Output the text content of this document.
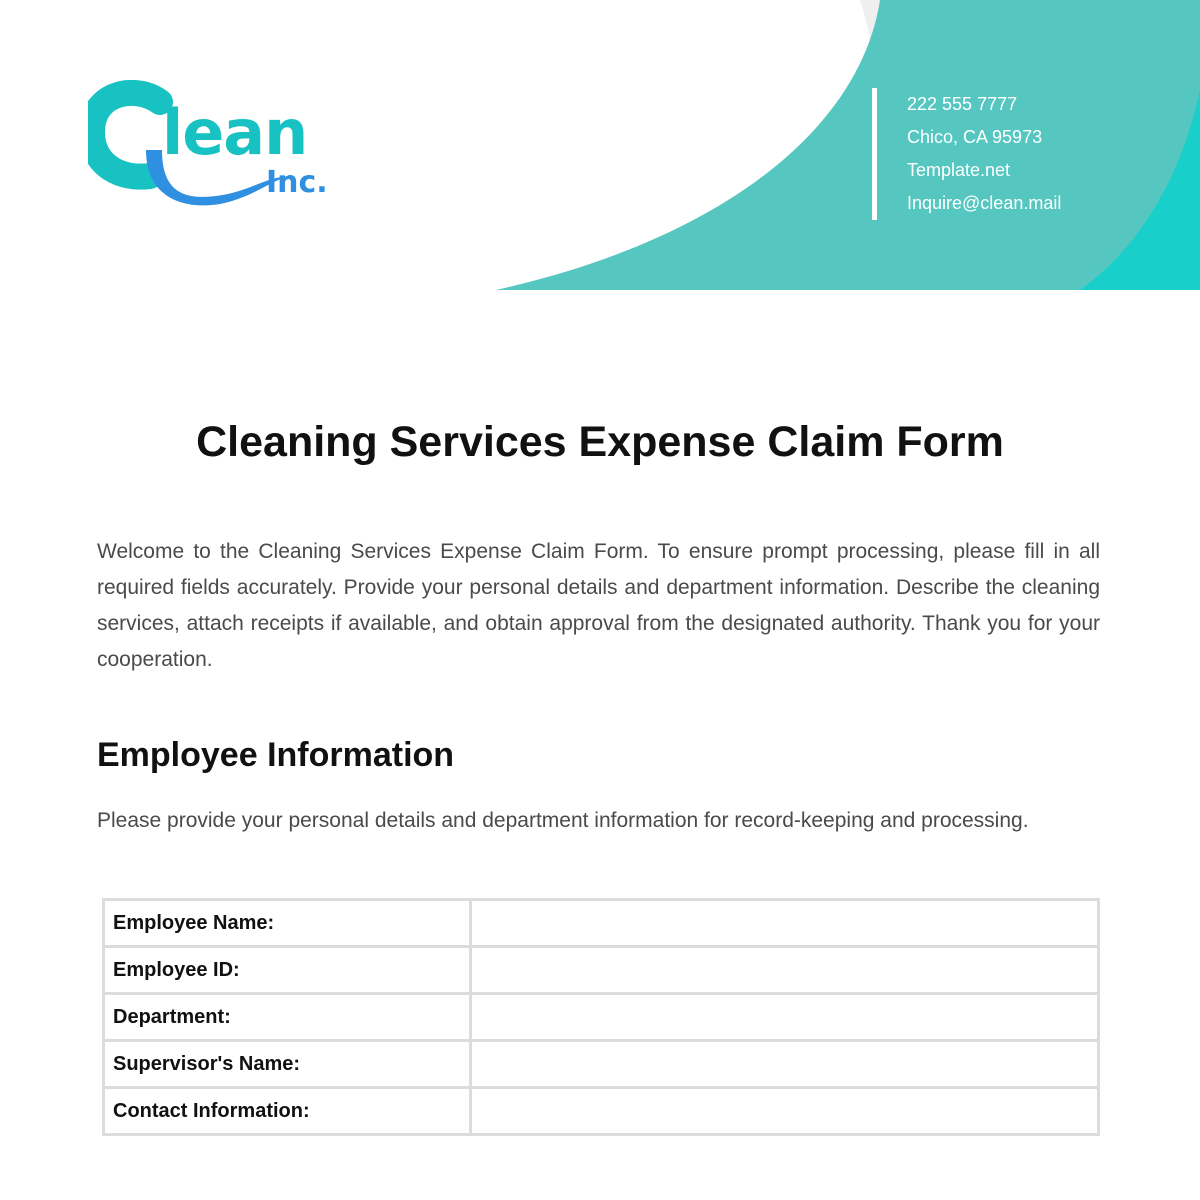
lean
Inc.
222 555 7777
Chico, CA 95973
Template.net
Inquire@clean.mail
Cleaning Services Expense Claim Form

Welcome to the Cleaning Services Expense Claim Form. To ensure prompt processing, please fill in all required fields accurately. Provide your personal details and department information. Describe the cleaning services, attach receipts if available, and obtain approval from the designated authority. Thank you for your cooperation.

Employee Information

Please provide your personal details and department information for record-keeping and processing.

Employee Name:	
Employee ID:	
Department:	
Supervisor's Name:	
Contact Information:	
